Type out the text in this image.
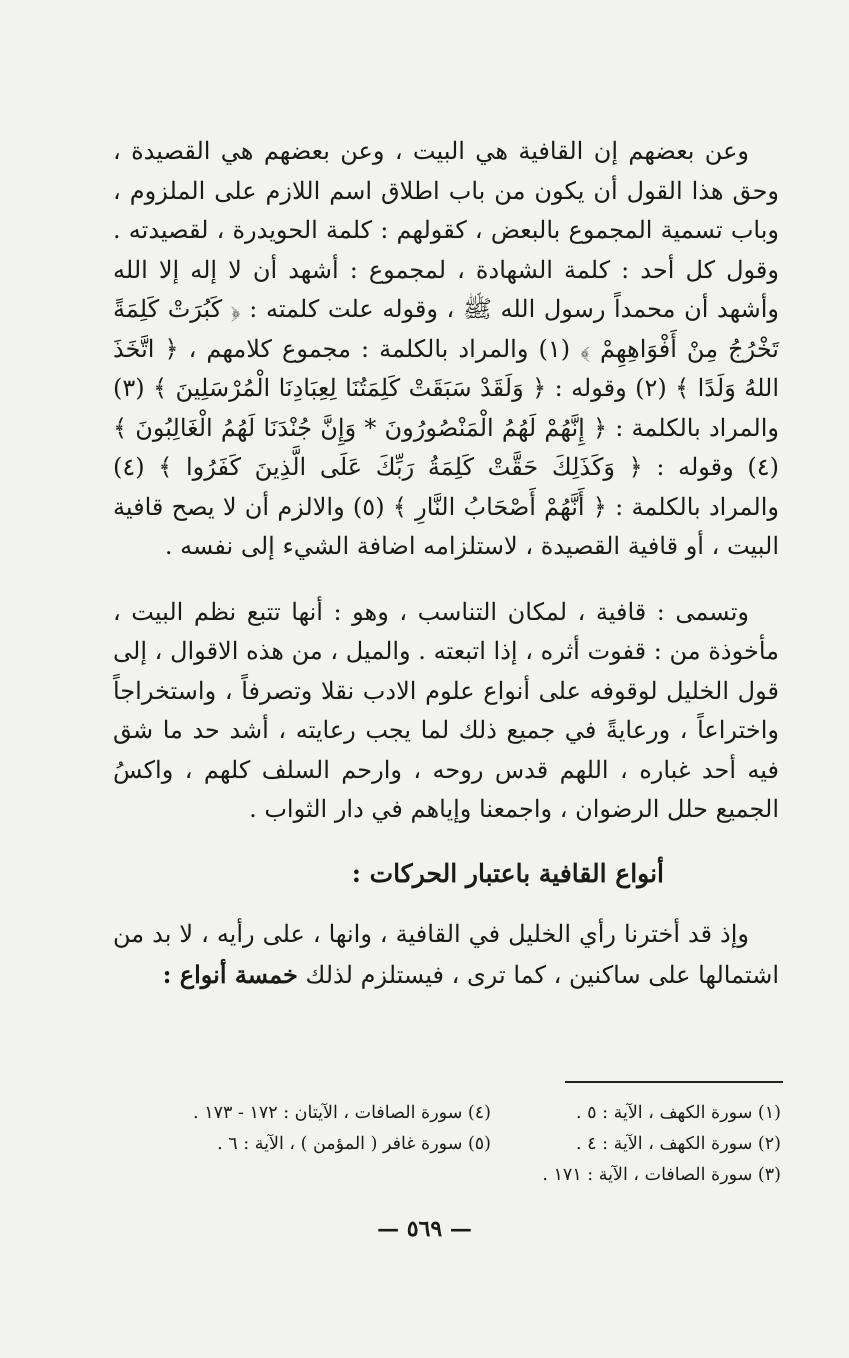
وعن بعضهم إن القافية هي البيت ، وعن بعضهم هي القصيدة ، وحق هذا القول أن يكون من باب اطلاق اسم اللازم على الملزوم ، وباب تسمية المجموع بالبعض ، كقولهم : كلمة الحويدرة ، لقصيدته . وقول كل أحد : كلمة الشهادة ، لمجموع : أشهد أن لا إله إلا الله وأشهد أن محمداً رسول الله ﷺ ، وقوله علت كلمته : ﴿ كَبُرَتْ كَلِمَةً تَخْرُجُ مِنْ أَفْوَاهِهِمْ ﴾ (١) والمراد بالكلمة : مجموع كلامهم ، ﴿ اتَّخَذَ اللهُ وَلَدًا ﴾ (٢) وقوله : ﴿ وَلَقَدْ سَبَقَتْ كَلِمَتُنَا لِعِبَادِنَا الْمُرْسَلِينَ ﴾ (٣) والمراد بالكلمة : ﴿ إِنَّهُمْ لَهُمُ الْمَنْصُورُونَ * وَإِنَّ جُنْدَنَا لَهُمُ الْغَالِبُونَ ﴾ (٤) وقوله : ﴿ وَكَذَلِكَ حَقَّتْ كَلِمَةُ رَبِّكَ عَلَى الَّذِينَ كَفَرُوا ﴾ (٤) والمراد بالكلمة : ﴿ أَنَّهُمْ أَصْحَابُ النَّارِ ﴾ (٥) والالزم أن لا يصح قافية البيت ، أو قافية القصيدة ، لاستلزامه اضافة الشيء إلى نفسه .

وتسمى : قافية ، لمكان التناسب ، وهو : أنها تتبع نظم البيت ، مأخوذة من : قفوت أثره ، إذا اتبعته . والميل ، من هذه الاقوال ، إلى قول الخليل لوقوفه على أنواع علوم الادب نقلا وتصرفاً ، واستخراجاً واختراعاً ، ورعايةً في جميع ذلك لما يجب رعايته ، أشد حد ما شق فيه أحد غباره ، اللهم قدس روحه ، وارحم السلف كلهم ، واكسُ الجميع حلل الرضوان ، واجمعنا وإياهم في دار الثواب .

أنواع القافية باعتبار الحركات :

وإذ قد أخترنا رأي الخليل في القافية ، وانها ، على رأيه ، لا بد من اشتمالها على ساكنين ، كما ترى ، فيستلزم لذلك خمسة أنواع :

(١) سورة الكهف ، الآية : ٥ .
(٤) سورة الصافات ، الآيتان : ١٧٢ - ١٧٣ .
(٢) سورة الكهف ، الآية : ٤ .
(٥) سورة غافر ( المؤمن ) ، الآية : ٦ .
(٣) سورة الصافات ، الآية : ١٧١ .
— ٥٦٩ —
